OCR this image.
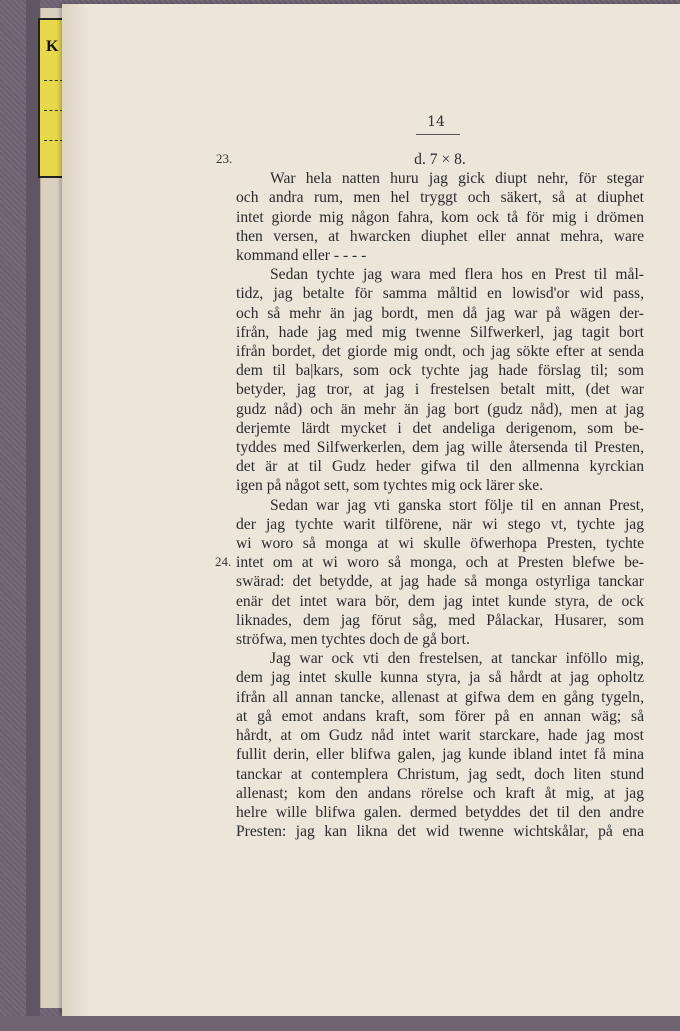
K
14
23.
24.
d. 7 × 8.
War hela natten huru jag gick diupt nehr, för stegar
och andra rum, men hel tryggt och säkert, så at diuphet
intet giorde mig någon fahra, kom ock tå för mig i drömen
then versen, at hwarcken diuphet eller annat mehra, ware
kommand eller - - - -
Sedan tychte jag wara med flera hos en Prest til mål-
tidz, jag betalte för samma måltid en lowisd'or wid pass,
och så mehr än jag bordt, men då jag war på wägen der-
ifrån, hade jag med mig twenne Silfwerkerl, jag tagit bort
ifrån bordet, det giorde mig ondt, och jag sökte efter at senda
dem til ba|kars, som ock tychte jag hade förslag til; som
betyder, jag tror, at jag i frestelsen betalt mitt, (det war
gudz nåd) och än mehr än jag bort (gudz nåd), men at jag
derjemte lärdt mycket i det andeliga derigenom, som be-
tyddes med Silfwerkerlen, dem jag wille återsenda til Presten,
det är at til Gudz heder gifwa til den allmenna kyrckian
igen på något sett, som tychtes mig ock lärer ske.
Sedan war jag vti ganska stort följe til en annan Prest,
der jag tychte warit tilförene, när wi stego vt, tychte jag
wi woro så monga at wi skulle öfwerhopa Presten, tychte
intet om at wi woro så monga, och at Presten blefwe be-
swärad: det betydde, at jag hade så monga ostyrliga tanckar
enär det intet wara bör, dem jag intet kunde styra, de ock
liknades, dem jag förut såg, med Pålackar, Husarer, som
ströfwa, men tychtes doch de gå bort.
Jag war ock vti den frestelsen, at tanckar inföllo mig,
dem jag intet skulle kunna styra, ja så hårdt at jag opholtz
ifrån all annan tancke, allenast at gifwa dem en gång tygeln,
at gå emot andans kraft, som förer på en annan wäg; så
hårdt, at om Gudz nåd intet warit starckare, hade jag most
fullit derin, eller blifwa galen, jag kunde ibland intet få mina
tanckar at contemplera Christum, jag sedt, doch liten stund
allenast; kom den andans rörelse och kraft åt mig, at jag
helre wille blifwa galen. dermed betyddes det til den andre
Presten: jag kan likna det wid twenne wichtskålar, på ena
